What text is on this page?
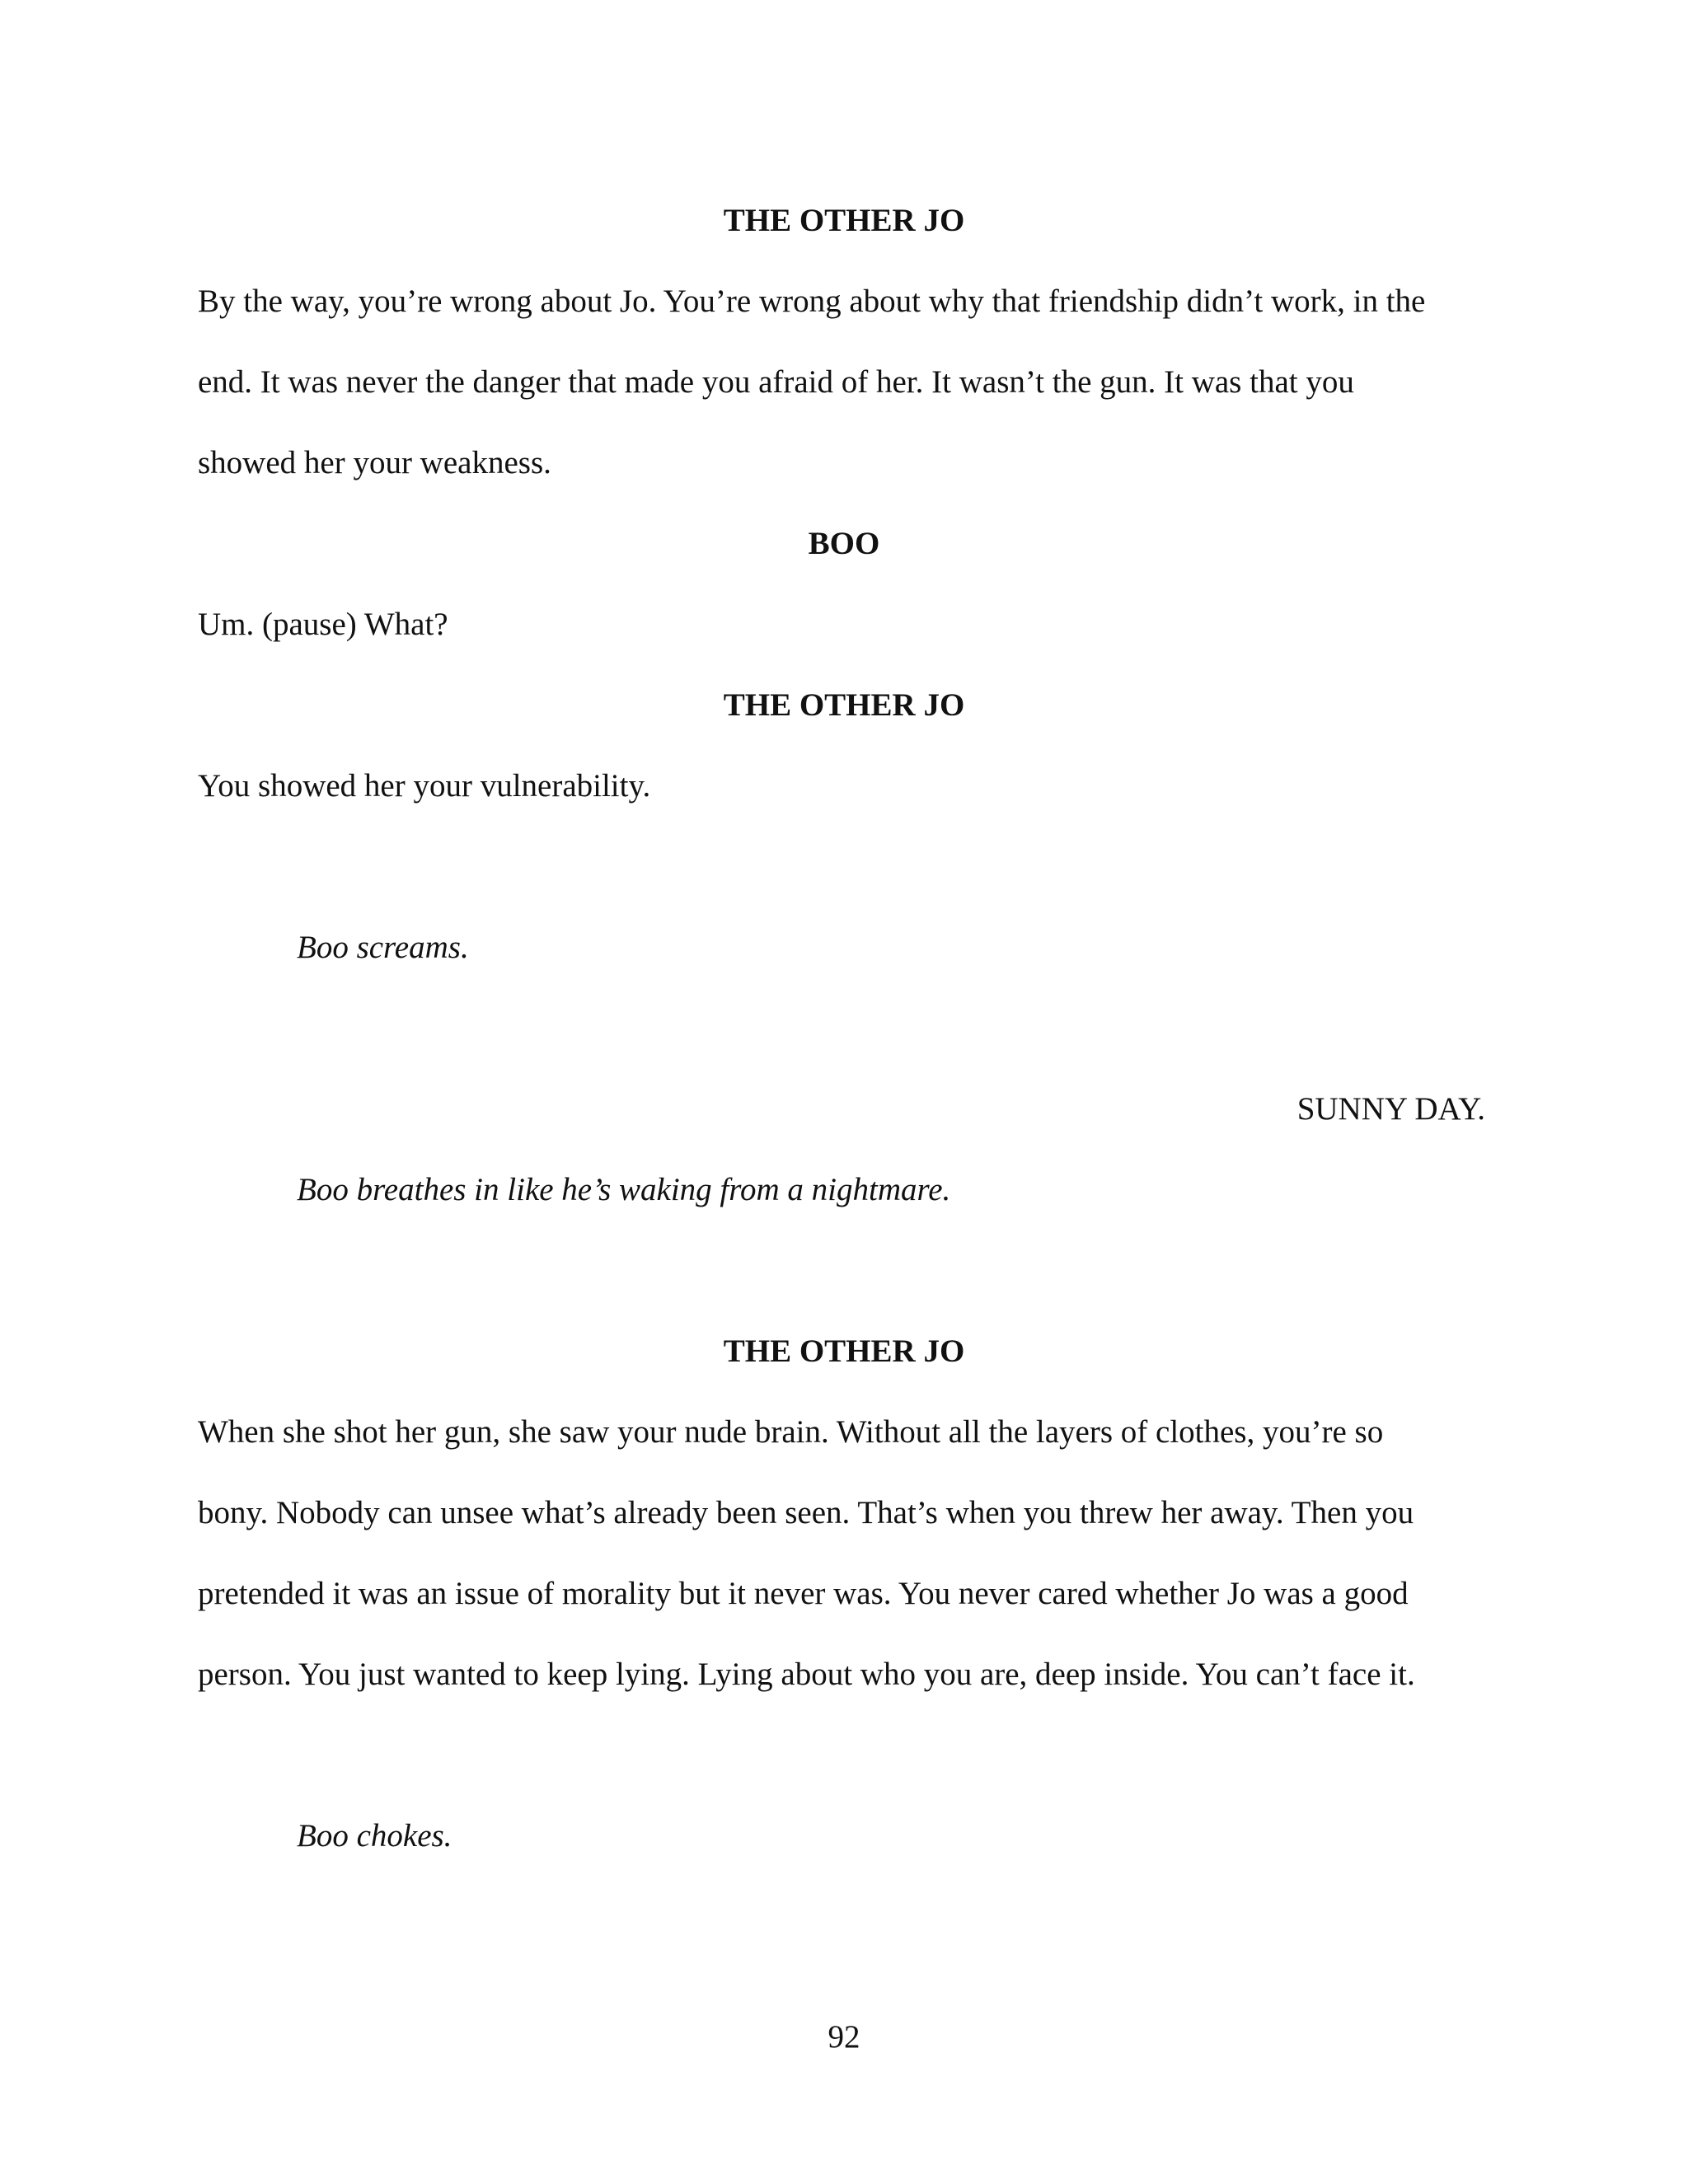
THE OTHER JO
By the way, you’re wrong about Jo. You’re wrong about why that friendship didn’t work, in the
end. It was never the danger that made you afraid of her. It wasn’t the gun. It was that you
showed her your weakness.
BOO
Um. (pause) What?
THE OTHER JO
You showed her your vulnerability.
Boo screams.
SUNNY DAY.
Boo breathes in like he’s waking from a nightmare.
THE OTHER JO
When she shot her gun, she saw your nude brain. Without all the layers of clothes, you’re so
bony. Nobody can unsee what’s already been seen. That’s when you threw her away. Then you
pretended it was an issue of morality but it never was. You never cared whether Jo was a good
person. You just wanted to keep lying. Lying about who you are, deep inside. You can’t face it.
Boo chokes.
92
